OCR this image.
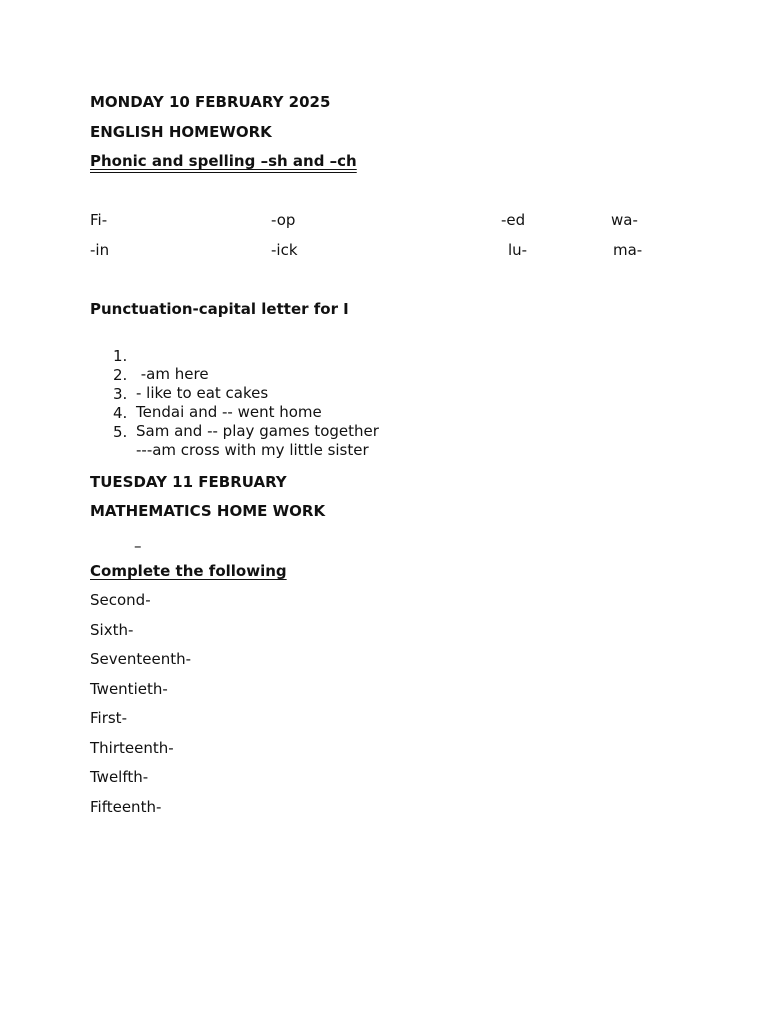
MONDAY 10 FEBRUARY 2025
ENGLISH HOMEWORK
Phonic and spelling –sh and –ch
Fi-	-op	-ed	wa-
-in	-ick	lu-	ma-
Punctuation-capital letter for I

1.

-am here

2.

- like to eat cakes

3.

Tendai and -- went home

4.

Sam and -- play games together

5.

---am cross with my little sister

TUESDAY 11 FEBRUARY
MATHEMATICS HOME WORK
–
Complete the following
Second-
Sixth-
Seventeenth-
Twentieth-
First-
Thirteenth-
Twelfth-
Fifteenth-
